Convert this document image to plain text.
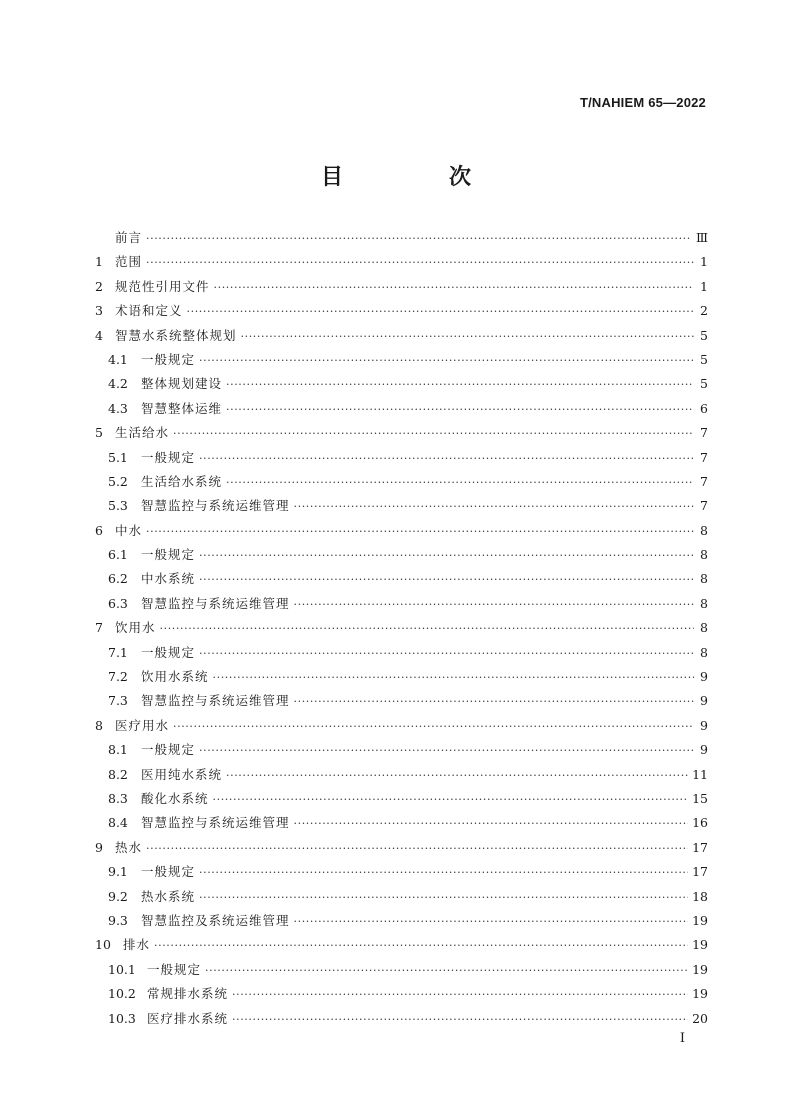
T/NAHIEM 65—2022
目　次
前言 ·····	Ⅲ
1 范围 ·····	1
2 规范性引用文件 ·····	1
3 术语和定义 ·····	2
4 智慧水系统整体规划 ·····	5
4.1	一般规定 ·····	5
4.2	整体规划建设 ·····	5
4.3	智慧整体运维 ·····	6
5 生活给水 ·····	7
5.1	一般规定 ·····	7
5.2	生活给水系统 ·····	7
5.3	智慧监控与系统运维管理 ·····	7
6 中水 ·····	8
6.1	一般规定 ·····	8
6.2	中水系统 ·····	8
6.3	智慧监控与系统运维管理 ·····	8
7 饮用水 ·····	8
7.1	一般规定 ·····	8
7.2	饮用水系统 ·····	9
7.3	智慧监控与系统运维管理 ·····	9
8 医疗用水 ·····	9
8.1	一般规定 ·····	9
8.2	医用纯水系统 ·····	11
8.3	酸化水系统 ·····	15
8.4	智慧监控与系统运维管理 ·····	16
9 热水 ·····	17
9.1	一般规定 ·····	17
9.2	热水系统 ·····	18
9.3	智慧监控及系统运维管理 ·····	19
10 排水 ·····	19
10.1 一般规定 ·····	19
10.2 常规排水系统 ·····	19
10.3 医疗排水系统 ·····	20
I
